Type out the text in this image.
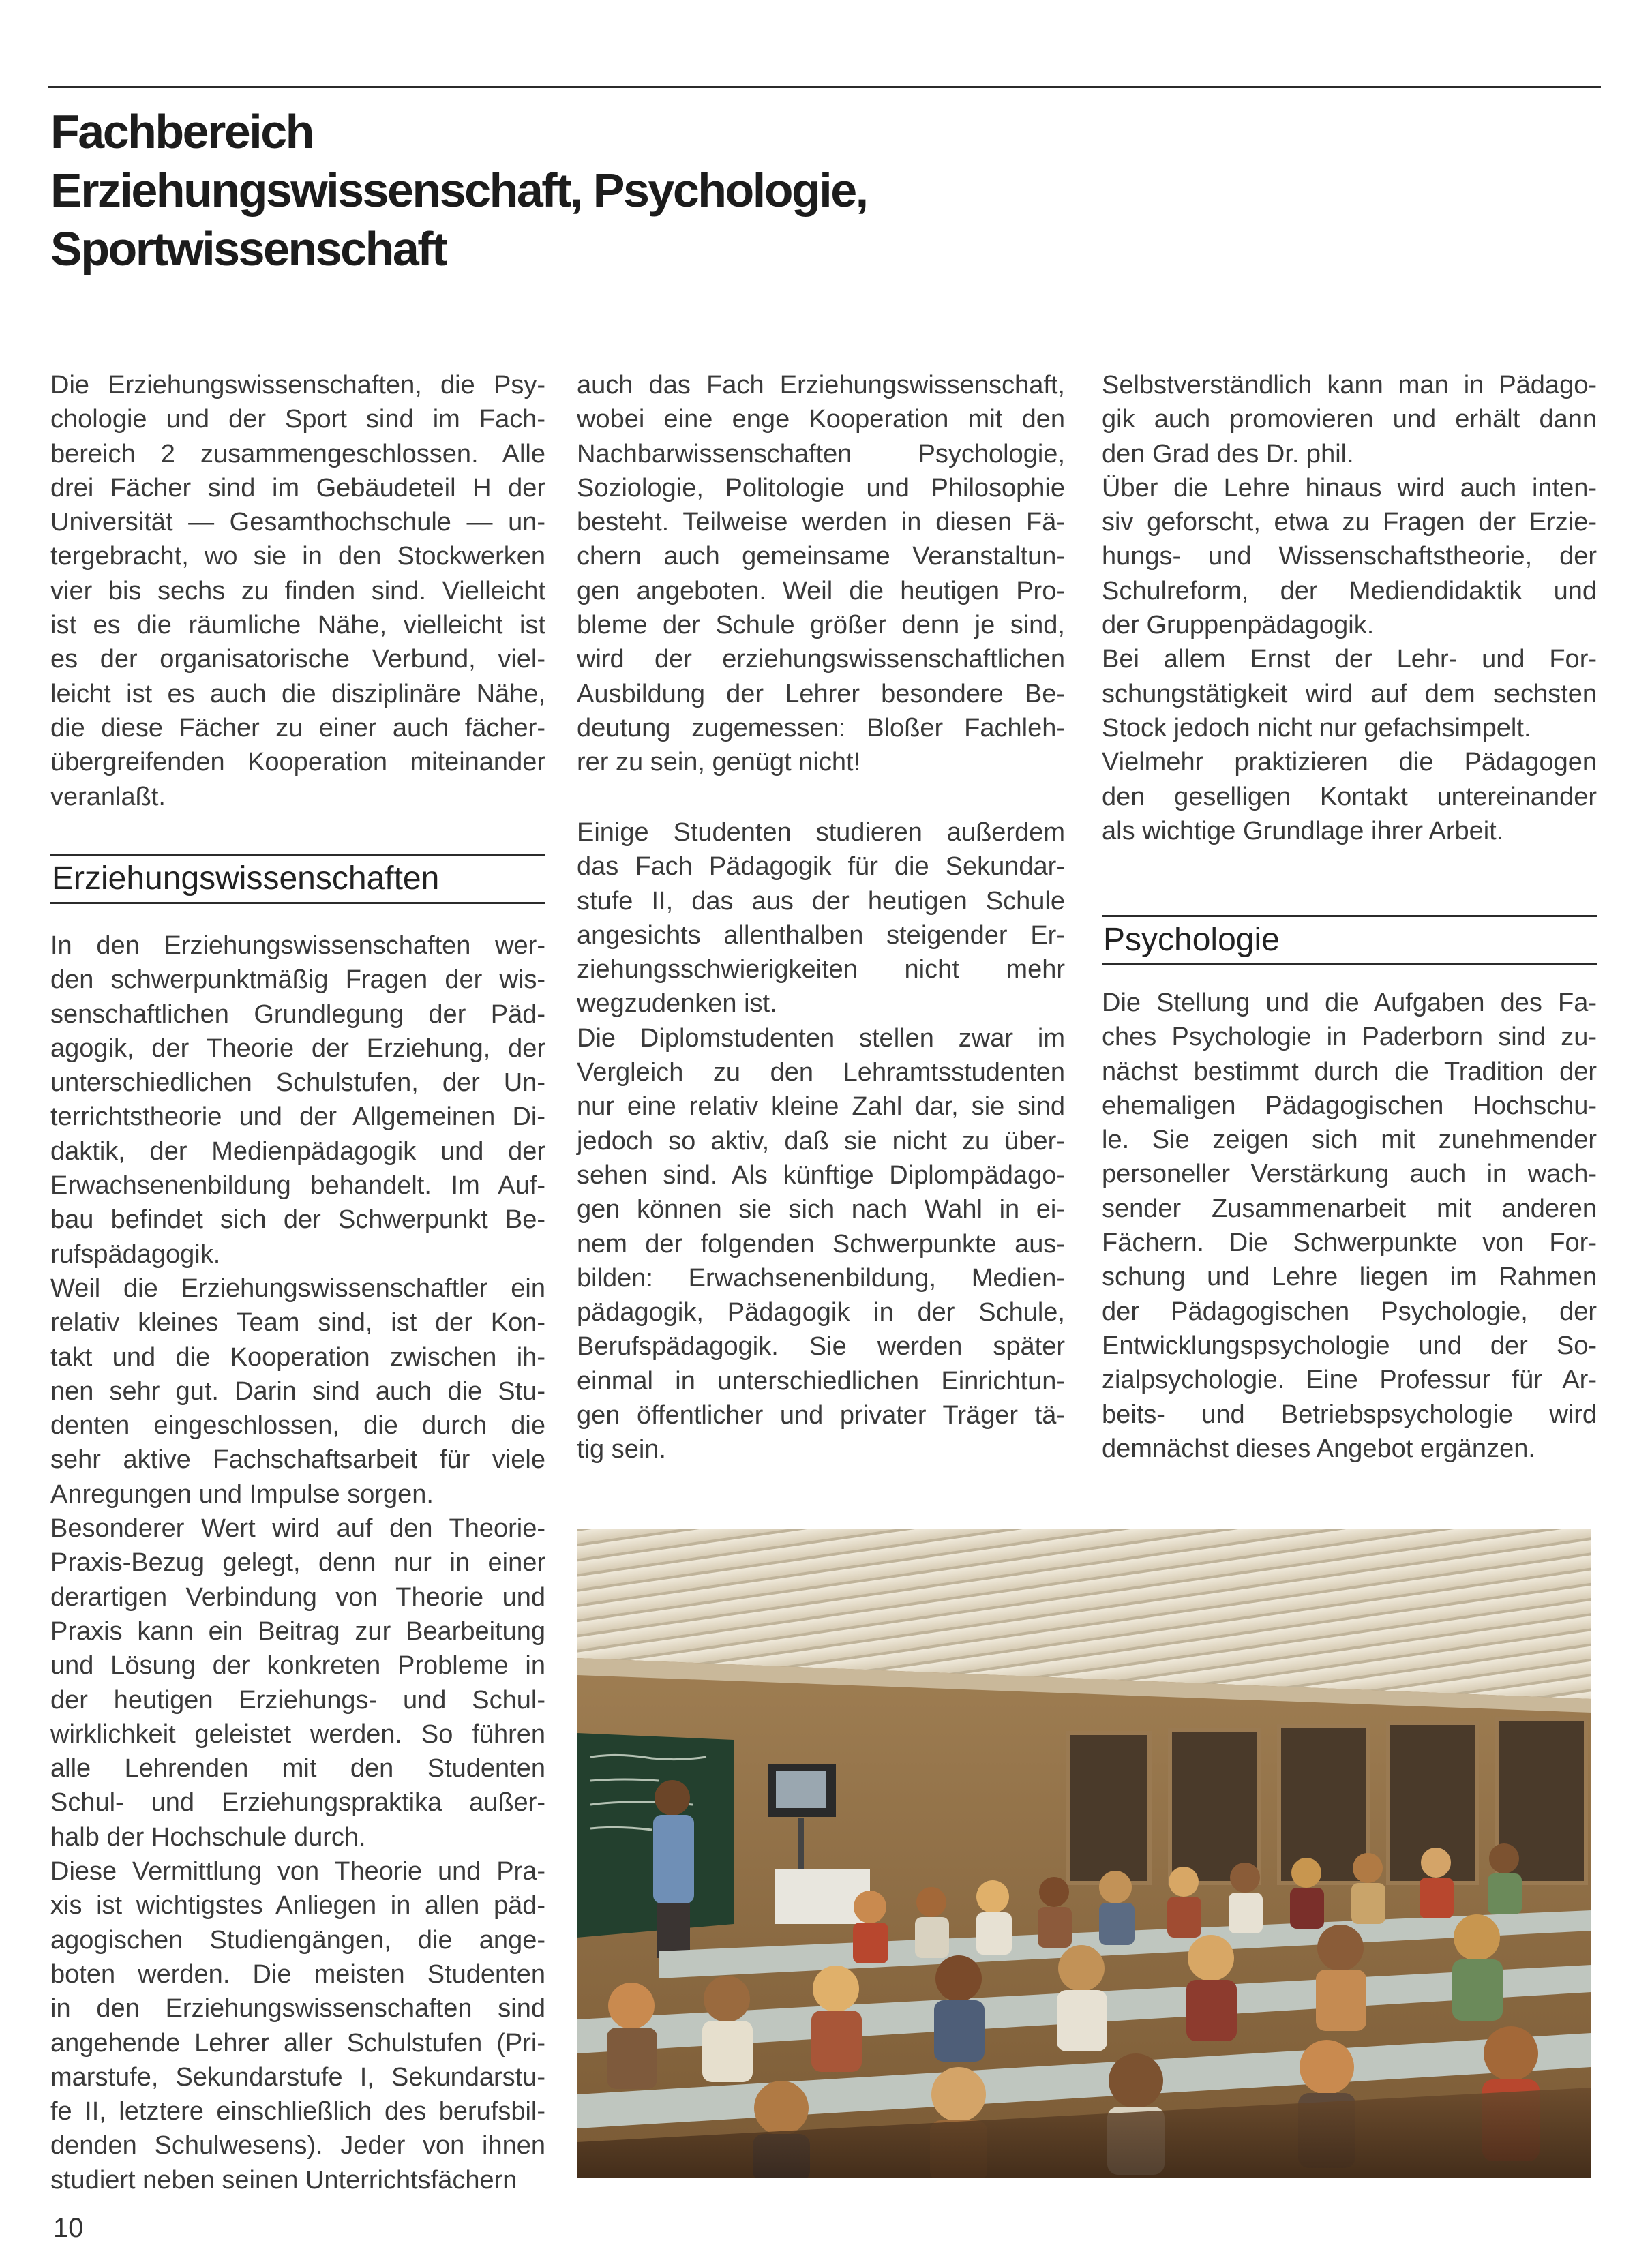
Fachbereich
Erziehungswissenschaft, Psychologie,
Sportwissenschaft
Die Erziehungswissenschaften, die Psy-
chologie und der Sport sind im Fach-
bereich 2 zusammengeschlossen. Alle
drei Fächer sind im Gebäudeteil H der
Universität — Gesamthochschule — un-
tergebracht, wo sie in den Stockwerken
vier bis sechs zu finden sind. Vielleicht
ist es die räumliche Nähe, vielleicht ist
es der organisatorische Verbund, viel-
leicht ist es auch die disziplinäre Nähe,
die diese Fächer zu einer auch fächer-
übergreifenden Kooperation miteinander
veranlaßt.
Erziehungswissenschaften
In den Erziehungswissenschaften wer-
den schwerpunktmäßig Fragen der wis-
senschaftlichen Grundlegung der Päd-
agogik, der Theorie der Erziehung, der
unterschiedlichen Schulstufen, der Un-
terrichtstheorie und der Allgemeinen Di-
daktik, der Medienpädagogik und der
Erwachsenenbildung behandelt. Im Auf-
bau befindet sich der Schwerpunkt Be-
rufspädagogik.
Weil die Erziehungswissenschaftler ein
relativ kleines Team sind, ist der Kon-
takt und die Kooperation zwischen ih-
nen sehr gut. Darin sind auch die Stu-
denten eingeschlossen, die durch die
sehr aktive Fachschaftsarbeit für viele
Anregungen und Impulse sorgen.
Besonderer Wert wird auf den Theorie-
Praxis-Bezug gelegt, denn nur in einer
derartigen Verbindung von Theorie und
Praxis kann ein Beitrag zur Bearbeitung
und Lösung der konkreten Probleme in
der heutigen Erziehungs- und Schul-
wirklichkeit geleistet werden. So führen
alle Lehrenden mit den Studenten
Schul- und Erziehungspraktika außer-
halb der Hochschule durch.
Diese Vermittlung von Theorie und Pra-
xis ist wichtigstes Anliegen in allen päd-
agogischen Studiengängen, die ange-
boten werden. Die meisten Studenten
in den Erziehungswissenschaften sind
angehende Lehrer aller Schulstufen (Pri-
marstufe, Sekundarstufe I, Sekundarstu-
fe II, letztere einschließlich des berufsbil-
denden Schulwesens). Jeder von ihnen
studiert neben seinen Unterrichtsfächern
auch das Fach Erziehungswissenschaft,
wobei eine enge Kooperation mit den
Nachbarwissenschaften Psychologie,
Soziologie, Politologie und Philosophie
besteht. Teilweise werden in diesen Fä-
chern auch gemeinsame Veranstaltun-
gen angeboten. Weil die heutigen Pro-
bleme der Schule größer denn je sind,
wird der erziehungswissenschaftlichen
Ausbildung der Lehrer besondere Be-
deutung zugemessen: Bloßer Fachleh-
rer zu sein, genügt nicht!
Einige Studenten studieren außerdem
das Fach Pädagogik für die Sekundar-
stufe II, das aus der heutigen Schule
angesichts allenthalben steigender Er-
ziehungsschwierigkeiten nicht mehr
wegzudenken ist.
Die Diplomstudenten stellen zwar im
Vergleich zu den Lehramtsstudenten
nur eine relativ kleine Zahl dar, sie sind
jedoch so aktiv, daß sie nicht zu über-
sehen sind. Als künftige Diplompädago-
gen können sie sich nach Wahl in ei-
nem der folgenden Schwerpunkte aus-
bilden: Erwachsenenbildung, Medien-
pädagogik, Pädagogik in der Schule,
Berufspädagogik. Sie werden später
einmal in unterschiedlichen Einrichtun-
gen öffentlicher und privater Träger tä-
tig sein.
Selbstverständlich kann man in Pädago-
gik auch promovieren und erhält dann
den Grad des Dr. phil.
Über die Lehre hinaus wird auch inten-
siv geforscht, etwa zu Fragen der Erzie-
hungs- und Wissenschaftstheorie, der
Schulreform, der Mediendidaktik und
der Gruppenpädagogik.
Bei allem Ernst der Lehr- und For-
schungstätigkeit wird auf dem sechsten
Stock jedoch nicht nur gefachsimpelt.
Vielmehr praktizieren die Pädagogen
den geselligen Kontakt untereinander
als wichtige Grundlage ihrer Arbeit.
Psychologie
Die Stellung und die Aufgaben des Fa-
ches Psychologie in Paderborn sind zu-
nächst bestimmt durch die Tradition der
ehemaligen Pädagogischen Hochschu-
le. Sie zeigen sich mit zunehmender
personeller Verstärkung auch in wach-
sender Zusammenarbeit mit anderen
Fächern. Die Schwerpunkte von For-
schung und Lehre liegen im Rahmen
der Pädagogischen Psychologie, der
Entwicklungspsychologie und der So-
zialpsychologie. Eine Professur für Ar-
beits- und Betriebspsychologie wird
demnächst dieses Angebot ergänzen.
10
